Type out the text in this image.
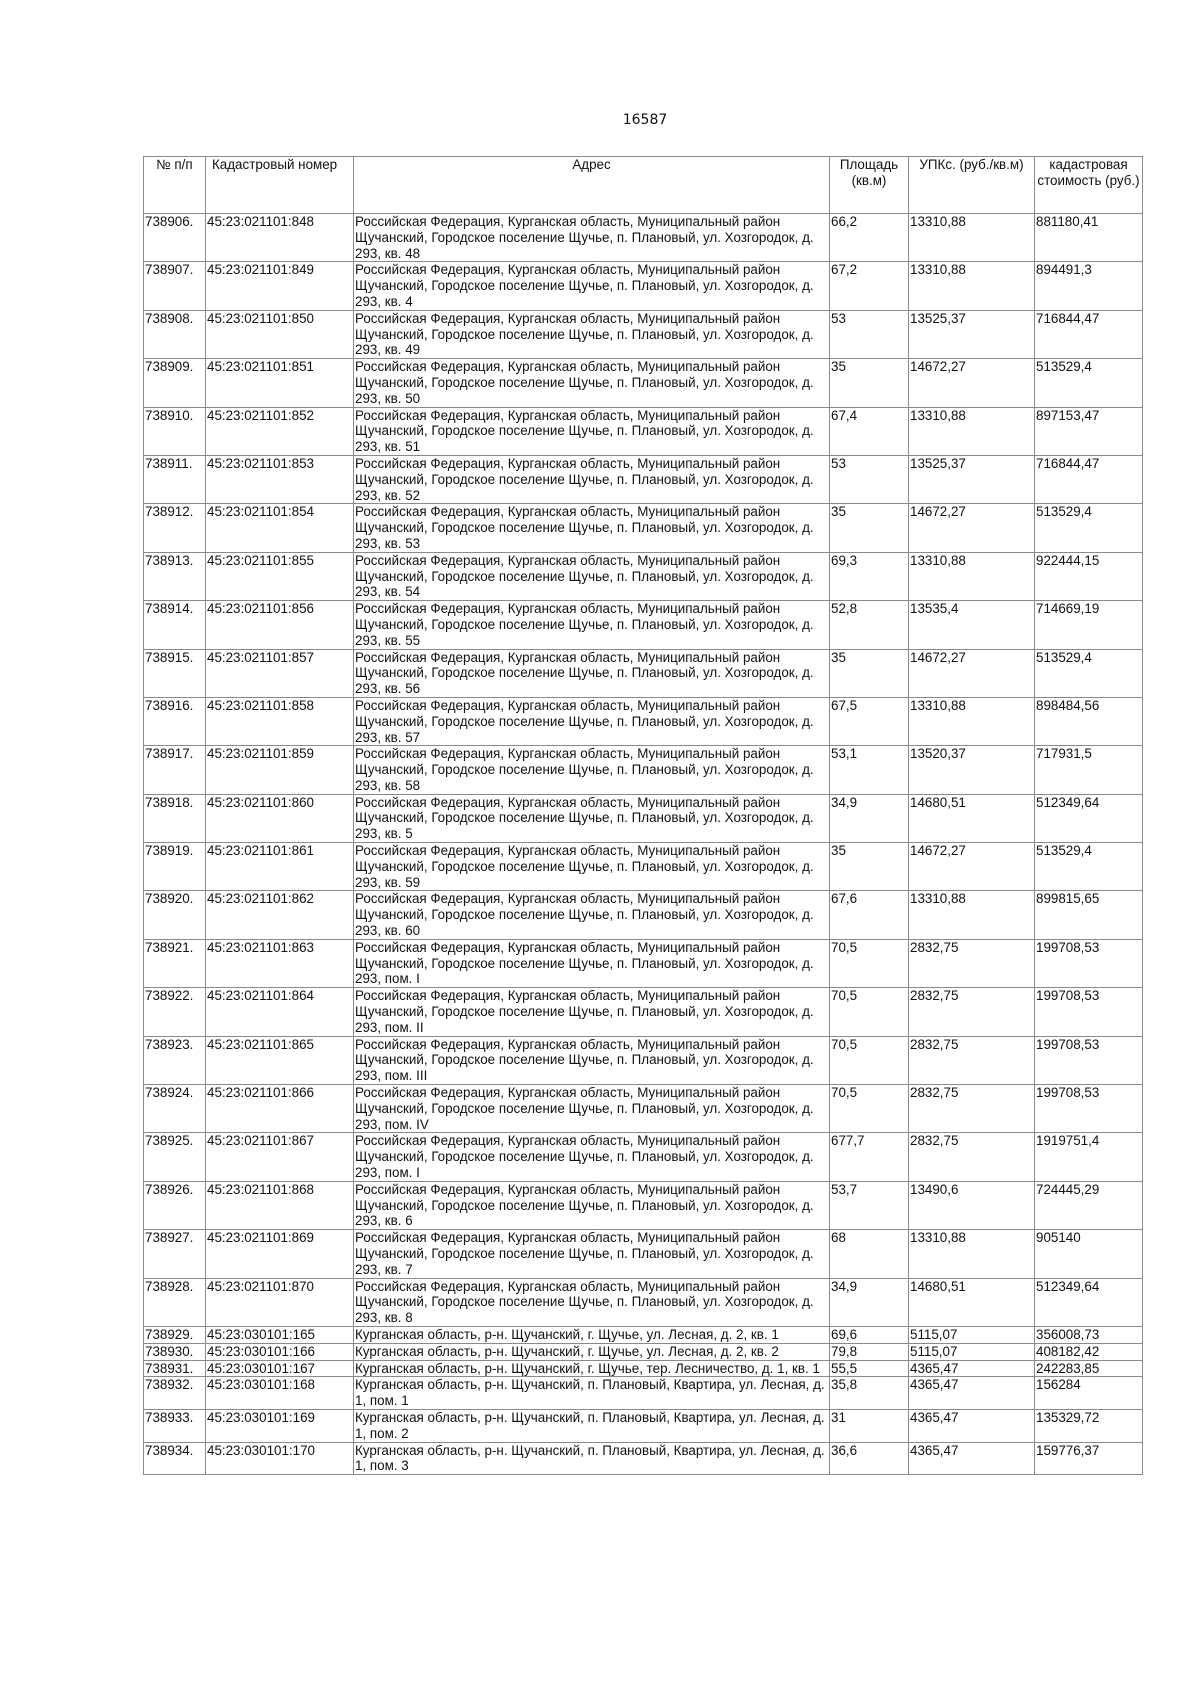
16587
№ п/п	Кадастровый номер	Адрес	Площадь (кв.м)	УПКс. (руб./кв.м)	кадастровая стоимость (руб.)
738906.	45:23:021101:848	Российская Федерация, Курганская область, Муниципальный район Щучанский, Городское поселение Щучье, п. Плановый, ул. Хозгородок, д. 293, кв. 48	66,2	13310,88	881180,41
738907.	45:23:021101:849	Российская Федерация, Курганская область, Муниципальный район Щучанский, Городское поселение Щучье, п. Плановый, ул. Хозгородок, д. 293, кв. 4	67,2	13310,88	894491,3
738908.	45:23:021101:850	Российская Федерация, Курганская область, Муниципальный район Щучанский, Городское поселение Щучье, п. Плановый, ул. Хозгородок, д. 293, кв. 49	53	13525,37	716844,47
738909.	45:23:021101:851	Российская Федерация, Курганская область, Муниципальный район Щучанский, Городское поселение Щучье, п. Плановый, ул. Хозгородок, д. 293, кв. 50	35	14672,27	513529,4
738910.	45:23:021101:852	Российская Федерация, Курганская область, Муниципальный район Щучанский, Городское поселение Щучье, п. Плановый, ул. Хозгородок, д. 293, кв. 51	67,4	13310,88	897153,47
738911.	45:23:021101:853	Российская Федерация, Курганская область, Муниципальный район Щучанский, Городское поселение Щучье, п. Плановый, ул. Хозгородок, д. 293, кв. 52	53	13525,37	716844,47
738912.	45:23:021101:854	Российская Федерация, Курганская область, Муниципальный район Щучанский, Городское поселение Щучье, п. Плановый, ул. Хозгородок, д. 293, кв. 53	35	14672,27	513529,4
738913.	45:23:021101:855	Российская Федерация, Курганская область, Муниципальный район Щучанский, Городское поселение Щучье, п. Плановый, ул. Хозгородок, д. 293, кв. 54	69,3	13310,88	922444,15
738914.	45:23:021101:856	Российская Федерация, Курганская область, Муниципальный район Щучанский, Городское поселение Щучье, п. Плановый, ул. Хозгородок, д. 293, кв. 55	52,8	13535,4	714669,19
738915.	45:23:021101:857	Российская Федерация, Курганская область, Муниципальный район Щучанский, Городское поселение Щучье, п. Плановый, ул. Хозгородок, д. 293, кв. 56	35	14672,27	513529,4
738916.	45:23:021101:858	Российская Федерация, Курганская область, Муниципальный район Щучанский, Городское поселение Щучье, п. Плановый, ул. Хозгородок, д. 293, кв. 57	67,5	13310,88	898484,56
738917.	45:23:021101:859	Российская Федерация, Курганская область, Муниципальный район Щучанский, Городское поселение Щучье, п. Плановый, ул. Хозгородок, д. 293, кв. 58	53,1	13520,37	717931,5
738918.	45:23:021101:860	Российская Федерация, Курганская область, Муниципальный район Щучанский, Городское поселение Щучье, п. Плановый, ул. Хозгородок, д. 293, кв. 5	34,9	14680,51	512349,64
738919.	45:23:021101:861	Российская Федерация, Курганская область, Муниципальный район Щучанский, Городское поселение Щучье, п. Плановый, ул. Хозгородок, д. 293, кв. 59	35	14672,27	513529,4
738920.	45:23:021101:862	Российская Федерация, Курганская область, Муниципальный район Щучанский, Городское поселение Щучье, п. Плановый, ул. Хозгородок, д. 293, кв. 60	67,6	13310,88	899815,65
738921.	45:23:021101:863	Российская Федерация, Курганская область, Муниципальный район Щучанский, Городское поселение Щучье, п. Плановый, ул. Хозгородок, д. 293, пом. I	70,5	2832,75	199708,53
738922.	45:23:021101:864	Российская Федерация, Курганская область, Муниципальный район Щучанский, Городское поселение Щучье, п. Плановый, ул. Хозгородок, д. 293, пом. II	70,5	2832,75	199708,53
738923.	45:23:021101:865	Российская Федерация, Курганская область, Муниципальный район Щучанский, Городское поселение Щучье, п. Плановый, ул. Хозгородок, д. 293, пом. III	70,5	2832,75	199708,53
738924.	45:23:021101:866	Российская Федерация, Курганская область, Муниципальный район Щучанский, Городское поселение Щучье, п. Плановый, ул. Хозгородок, д. 293, пом. IV	70,5	2832,75	199708,53
738925.	45:23:021101:867	Российская Федерация, Курганская область, Муниципальный район Щучанский, Городское поселение Щучье, п. Плановый, ул. Хозгородок, д. 293, пом. I	677,7	2832,75	1919751,4
738926.	45:23:021101:868	Российская Федерация, Курганская область, Муниципальный район Щучанский, Городское поселение Щучье, п. Плановый, ул. Хозгородок, д. 293, кв. 6	53,7	13490,6	724445,29
738927.	45:23:021101:869	Российская Федерация, Курганская область, Муниципальный район Щучанский, Городское поселение Щучье, п. Плановый, ул. Хозгородок, д. 293, кв. 7	68	13310,88	905140
738928.	45:23:021101:870	Российская Федерация, Курганская область, Муниципальный район Щучанский, Городское поселение Щучье, п. Плановый, ул. Хозгородок, д. 293, кв. 8	34,9	14680,51	512349,64
738929.	45:23:030101:165	Курганская область, р-н. Щучанский, г. Щучье, ул. Лесная, д. 2, кв. 1	69,6	5115,07	356008,73
738930.	45:23:030101:166	Курганская область, р-н. Щучанский, г. Щучье, ул. Лесная, д. 2, кв. 2	79,8	5115,07	408182,42
738931.	45:23:030101:167	Курганская область, р-н. Щучанский, г. Щучье, тер. Лесничество, д. 1, кв. 1	55,5	4365,47	242283,85
738932.	45:23:030101:168	Курганская область, р-н. Щучанский, п. Плановый, Квартира, ул. Лесная, д. 1, пом. 1	35,8	4365,47	156284
738933.	45:23:030101:169	Курганская область, р-н. Щучанский, п. Плановый, Квартира, ул. Лесная, д. 1, пом. 2	31	4365,47	135329,72
738934.	45:23:030101:170	Курганская область, р-н. Щучанский, п. Плановый, Квартира, ул. Лесная, д. 1, пом. 3	36,6	4365,47	159776,37
